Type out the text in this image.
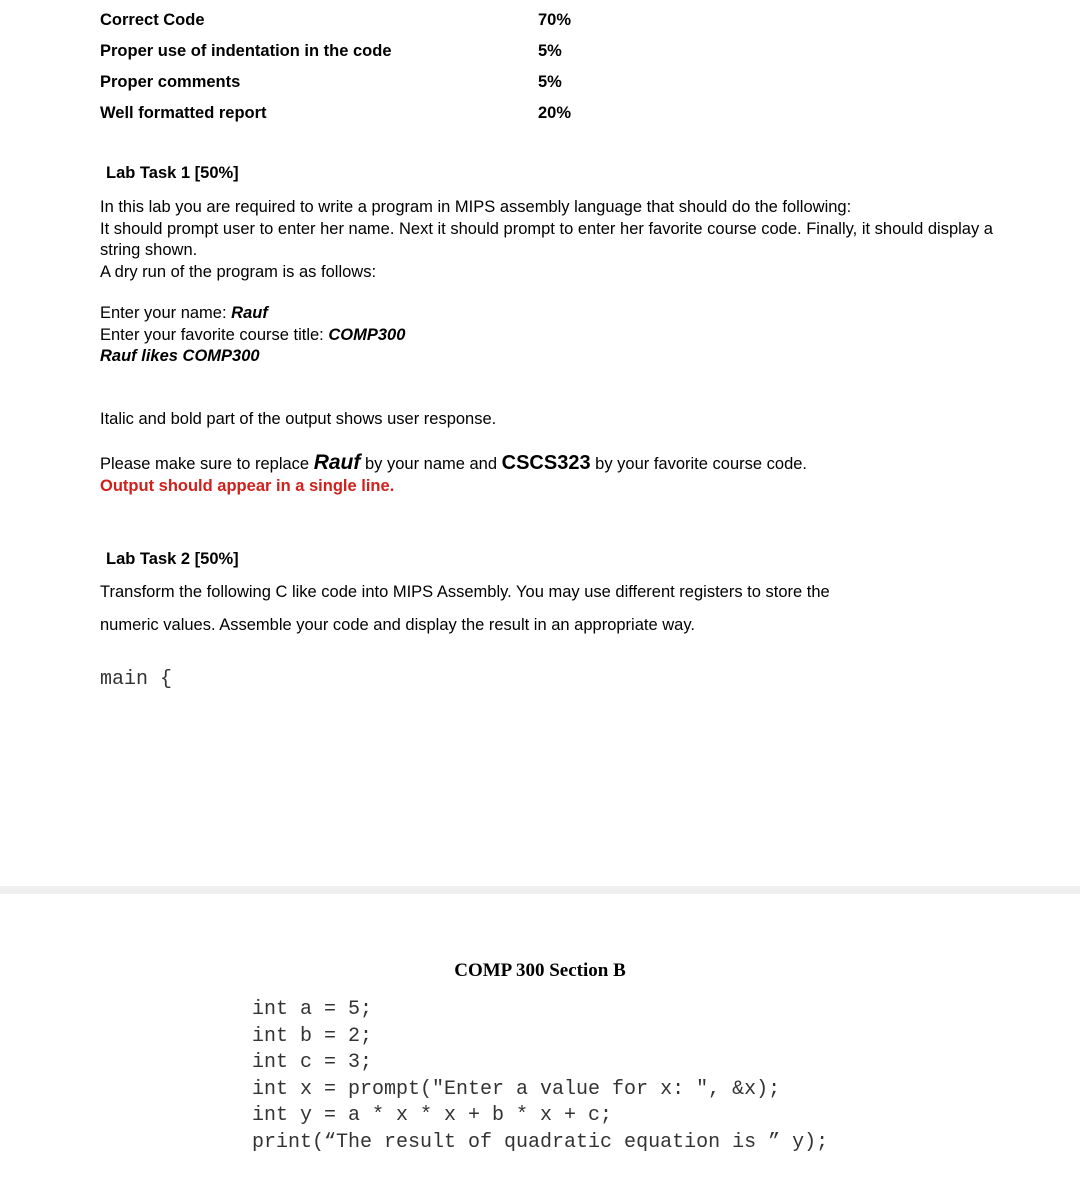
Correct Code	70%
Proper use of indentation in the code	5%
Proper comments	5%
Well formatted report	20%
Lab Task 1 [50%]

In this lab you are required to write a program in MIPS assembly language that should do the following:

It should prompt user to enter her name. Next it should prompt to enter her favorite course code. Finally, it should display a string shown.

A dry run of the program is as follows:

Enter your name: Rauf

Enter your favorite course title: COMP300

Rauf likes COMP300

Italic and bold part of the output shows user response.

Please make sure to replace Rauf by your name and CSCS323 by your favorite course code.

Output should appear in a single line.

Lab Task 2 [50%]

Transform the following C like code into MIPS Assembly. You may use different registers to store the

numeric values. Assemble your code and display the result in an appropriate way.

main {
COMP 300 Section B
int a = 5;
int b = 2;
int c = 3;
int x = prompt("Enter a value for x: ", &x);
int y = a * x * x + b * x + c;
print(“The result of quadratic equation is ” y);
